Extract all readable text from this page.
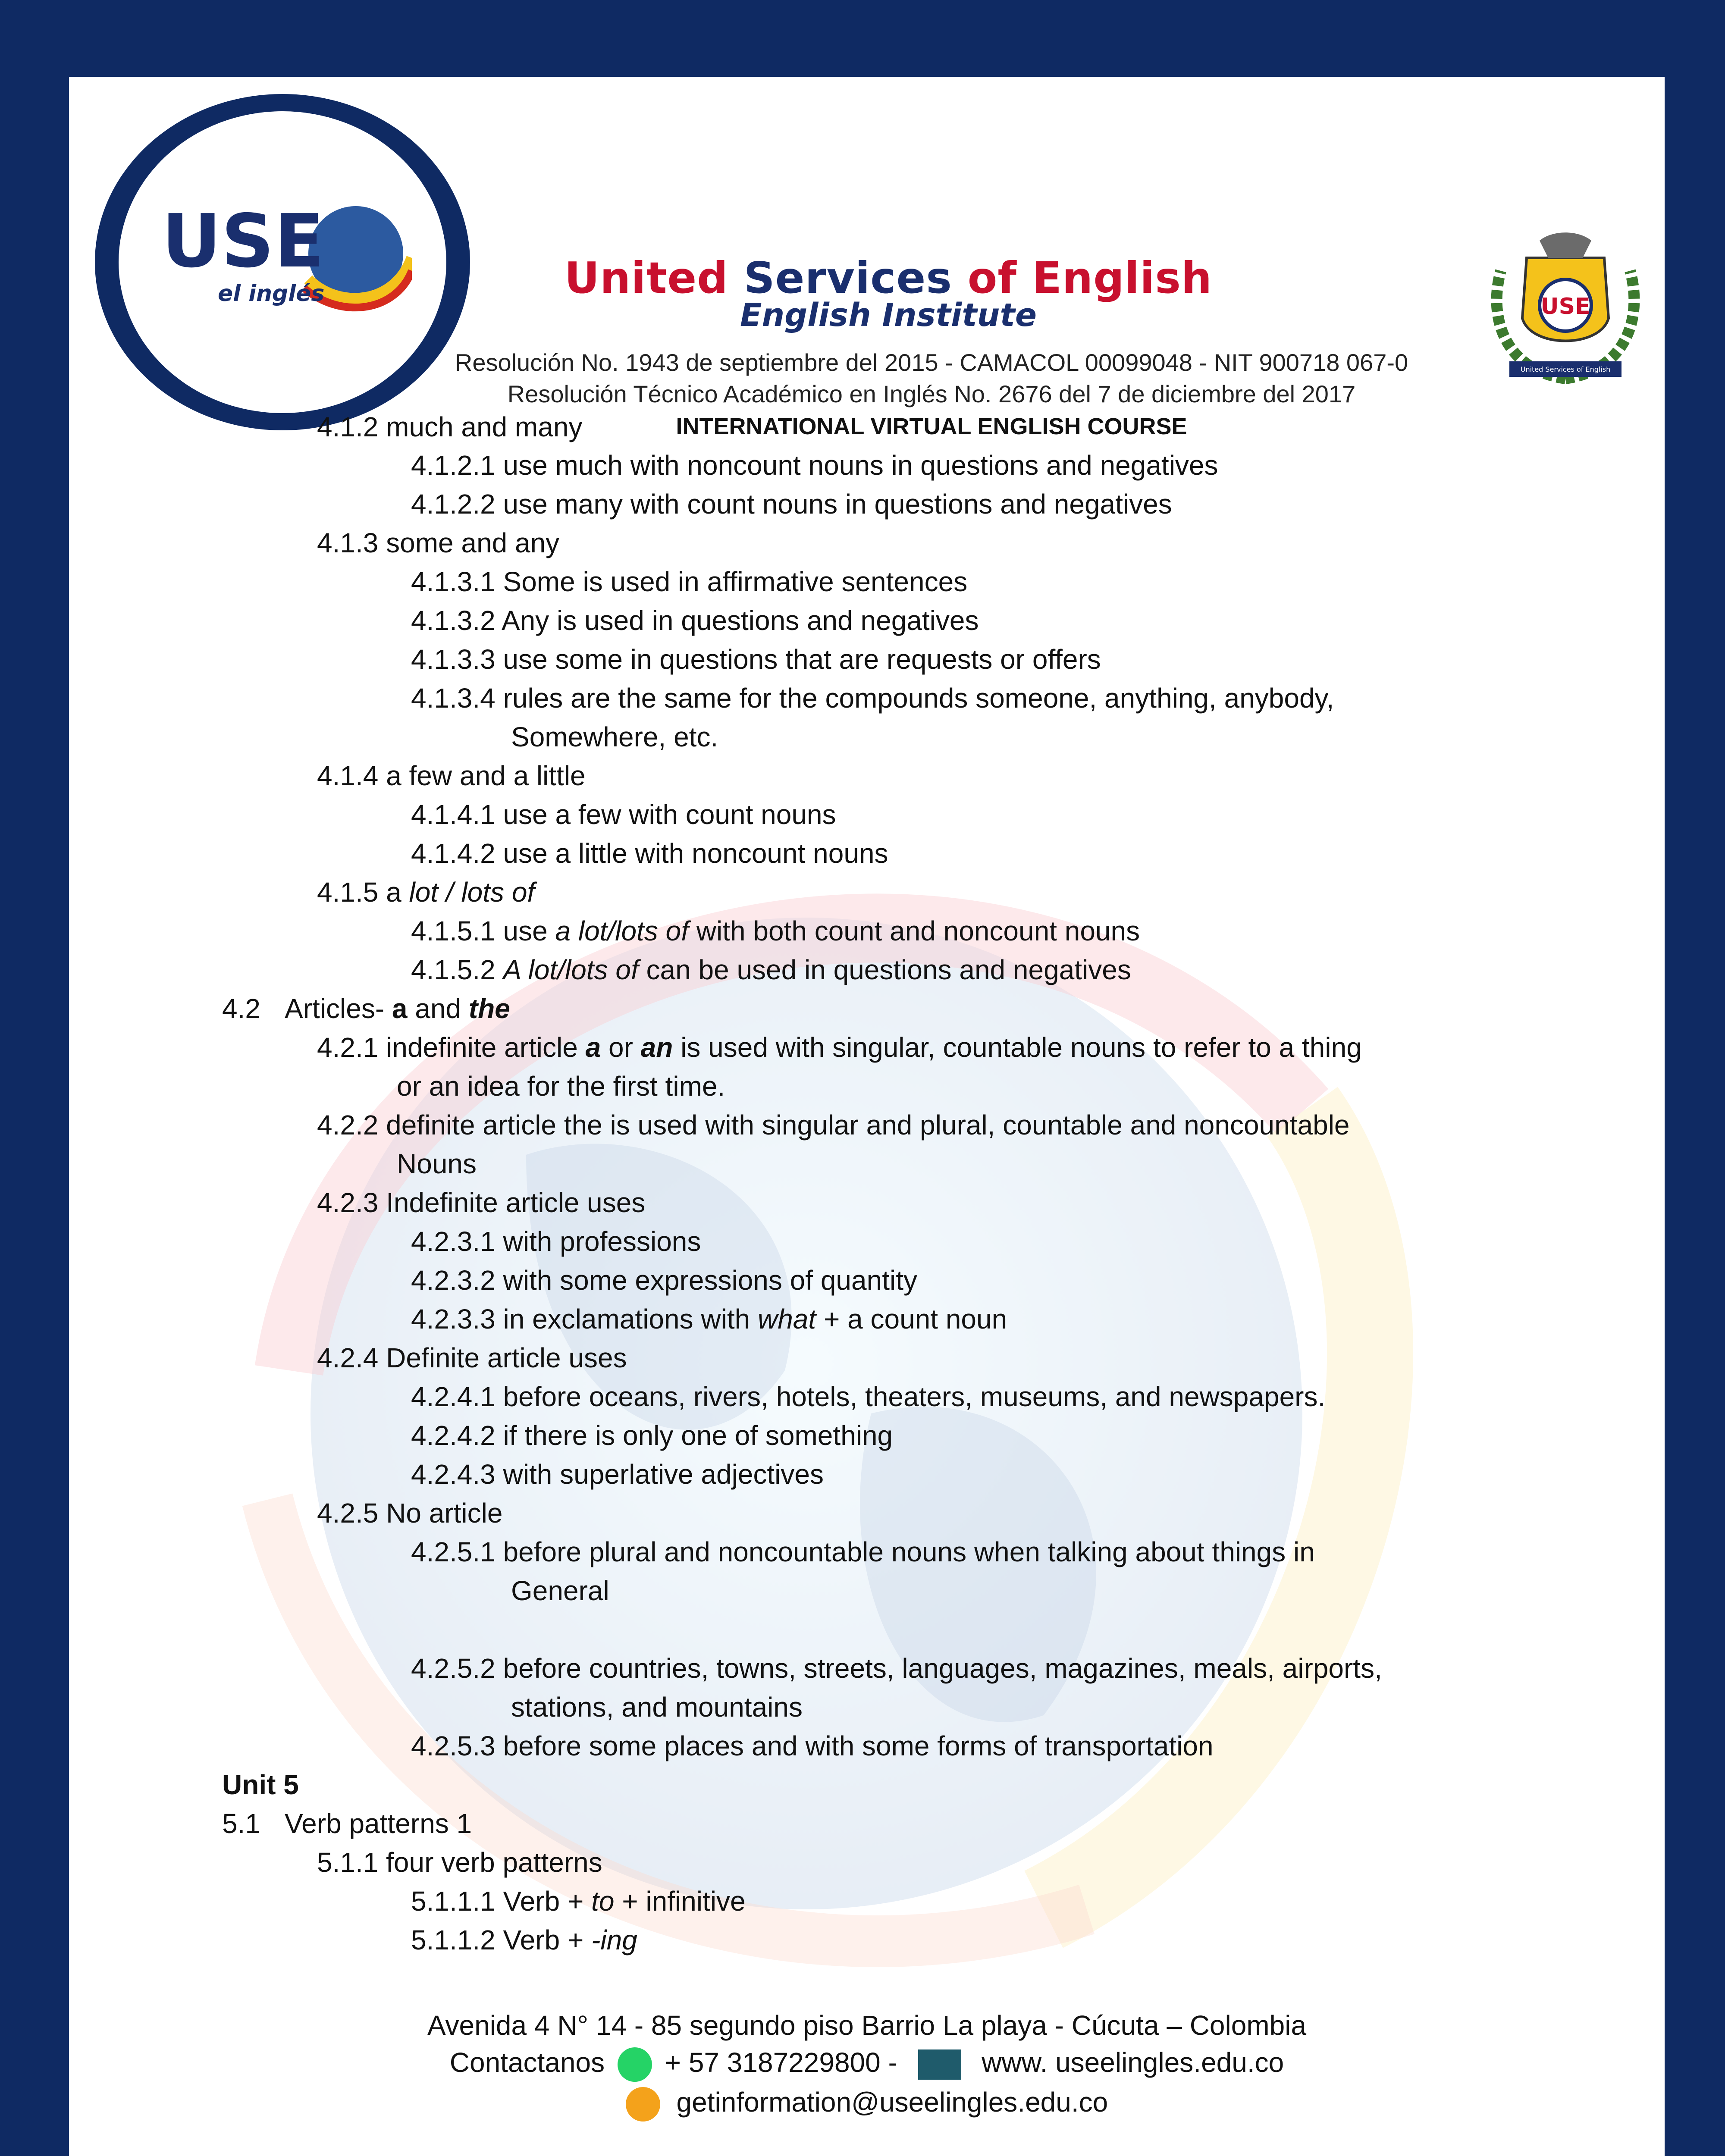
USE
el inglés	United Services of English
English Institute
Resolución No. 1943 de septiembre del 2015 - CAMACOL 00099048 - NIT 900718 067-0
Resolución Técnico Académico en Inglés No. 2676 del 7 de diciembre del 2017
INTERNATIONAL VIRTUAL ENGLISH COURSE
USE
United Services of English
4.1.2 much and many
4.1.2.1 use much with noncount nouns in questions and negatives
4.1.2.2 use many with count nouns in questions and negatives
4.1.3 some and any
4.1.3.1 Some is used in affirmative sentences
4.1.3.2 Any is used in questions and negatives
4.1.3.3 use some in questions that are requests or offers
4.1.3.4 rules are the same for the compounds someone, anything, anybody,
Somewhere, etc.
4.1.4 a few and a little
4.1.4.1 use a few with count nouns
4.1.4.2 use a little with noncount nouns
4.1.5 a lot / lots of
4.1.5.1 use a lot/lots of with both count and noncount nouns
4.1.5.2 A lot/lots of can be used in questions and negatives
4.2 Articles- a and the
4.2.1 indefinite article a or an is used with singular, countable nouns to refer to a thing
or an idea for the first time.
4.2.2 definite article the is used with singular and plural, countable and noncountable
Nouns
4.2.3 Indefinite article uses
4.2.3.1 with professions
4.2.3.2 with some expressions of quantity
4.2.3.3 in exclamations with what + a count noun
4.2.4 Definite article uses
4.2.4.1 before oceans, rivers, hotels, theaters, museums, and newspapers.
4.2.4.2 if there is only one of something
4.2.4.3 with superlative adjectives
4.2.5 No article
4.2.5.1 before plural and noncountable nouns when talking about things in
General
4.2.5.2 before countries, towns, streets, languages, magazines, meals, airports,
stations, and mountains
4.2.5.3 before some places and with some forms of transportation
Unit 5
5.1 Verb patterns 1
5.1.1 four verb patterns
5.1.1.1 Verb + to + infinitive
5.1.1.2 Verb + -ing
Avenida 4 N° 14 - 85 segundo piso Barrio La playa - Cúcuta – Colombia
Contactanos + 57 3187229800 -	www. useelingles.edu.co
getinformation@useelingles.edu.co
